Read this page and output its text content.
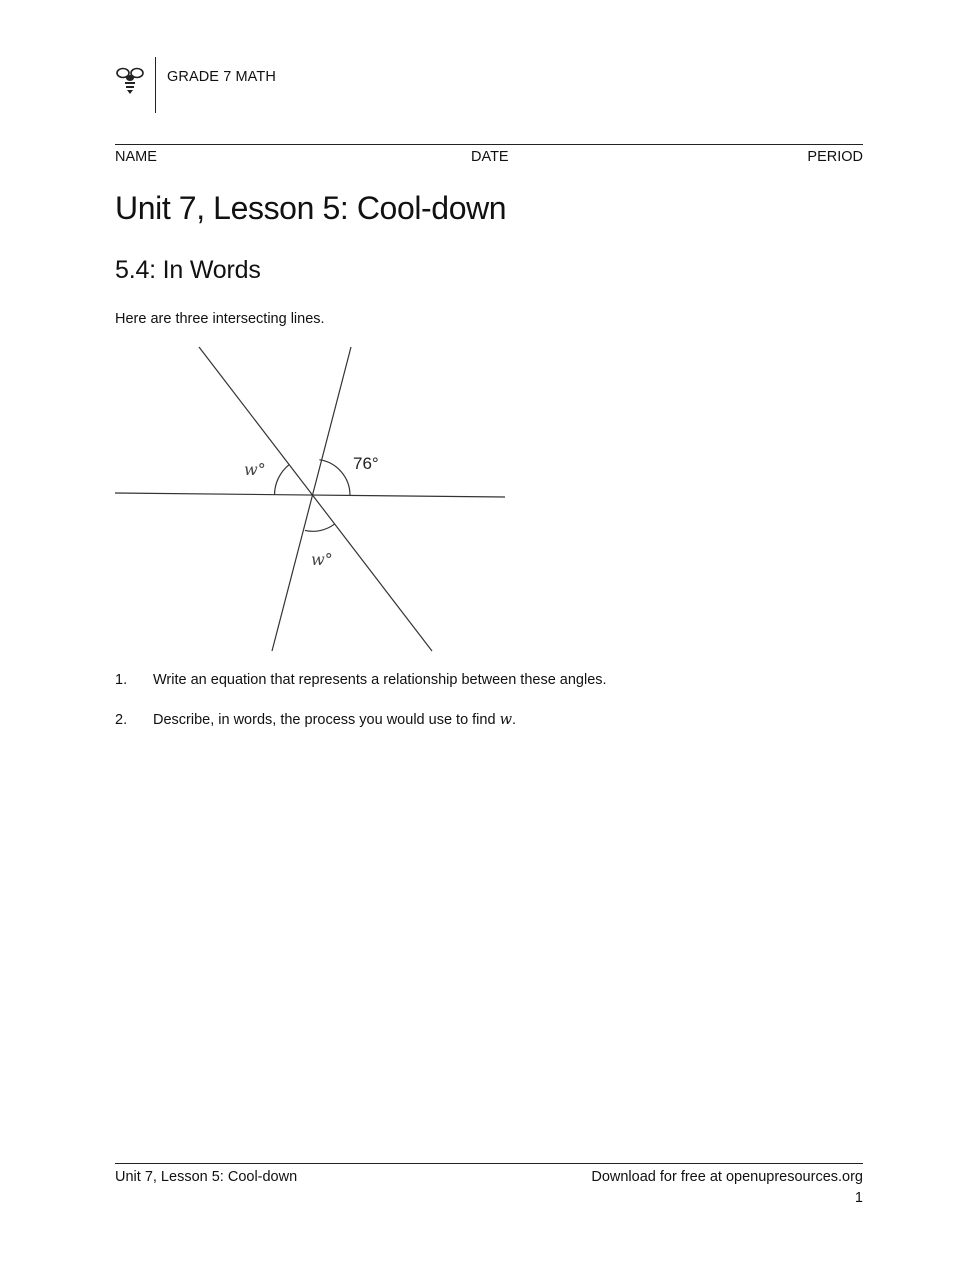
GRADE 7 MATH
NAME	DATE	PERIOD
Unit 7, Lesson 5: Cool-down
5.4: In Words
Here are three intersecting lines.
76°
w°
w°
1. Write an equation that represents a relationship between these angles.
2. Describe, in words, the process you would use to find w.
Unit 7, Lesson 5: Cool-down	Download for free at openupresources.org
1
